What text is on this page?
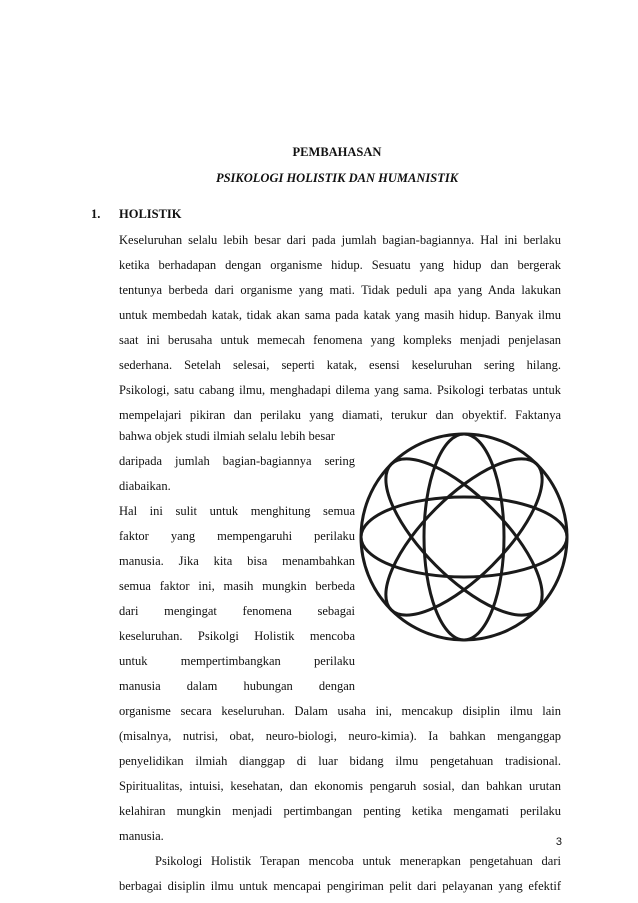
PEMBAHASAN

PSIKOLOGI HOLISTIK DAN HUMANISTIK

1. HOLISTIK

Keseluruhan selalu lebih besar dari pada jumlah bagian-bagiannya. Hal ini berlaku

ketika berhadapan dengan organisme hidup. Sesuatu yang hidup dan bergerak

tentunya berbeda dari organisme yang mati. Tidak peduli apa yang Anda lakukan

untuk membedah katak, tidak akan sama pada katak yang masih hidup. Banyak ilmu

saat ini berusaha untuk memecah fenomena yang kompleks menjadi penjelasan

sederhana. Setelah selesai, seperti katak, esensi keseluruhan sering hilang.

Psikologi, satu cabang ilmu, menghadapi dilema yang sama. Psikologi terbatas untuk

mempelajari pikiran dan perilaku yang diamati, terukur dan obyektif. Faktanya

bahwa objek studi ilmiah selalu lebih besar

daripada jumlah bagian-bagiannya sering

diabaikan.

Hal ini sulit untuk menghitung semua

faktor yang mempengaruhi perilaku

manusia. Jika kita bisa menambahkan

semua faktor ini, masih mungkin berbeda

dari mengingat fenomena sebagai

keseluruhan. Psikolgi Holistik mencoba

untuk mempertimbangkan perilaku

manusia dalam hubungan dengan

organisme secara keseluruhan. Dalam usaha ini, mencakup disiplin ilmu lain

(misalnya, nutrisi, obat, neuro-biologi, neuro-kimia). Ia bahkan menganggap

penyelidikan ilmiah dianggap di luar bidang ilmu pengetahuan tradisional.

Spiritualitas, intuisi, kesehatan, dan ekonomis pengaruh sosial, dan bahkan urutan

kelahiran mungkin menjadi pertimbangan penting ketika mengamati perilaku

manusia.

Psikologi Holistik Terapan mencoba untuk menerapkan pengetahuan dari

berbagai disiplin ilmu untuk mencapai pengiriman pelit dari pelayanan yang efektif

3
